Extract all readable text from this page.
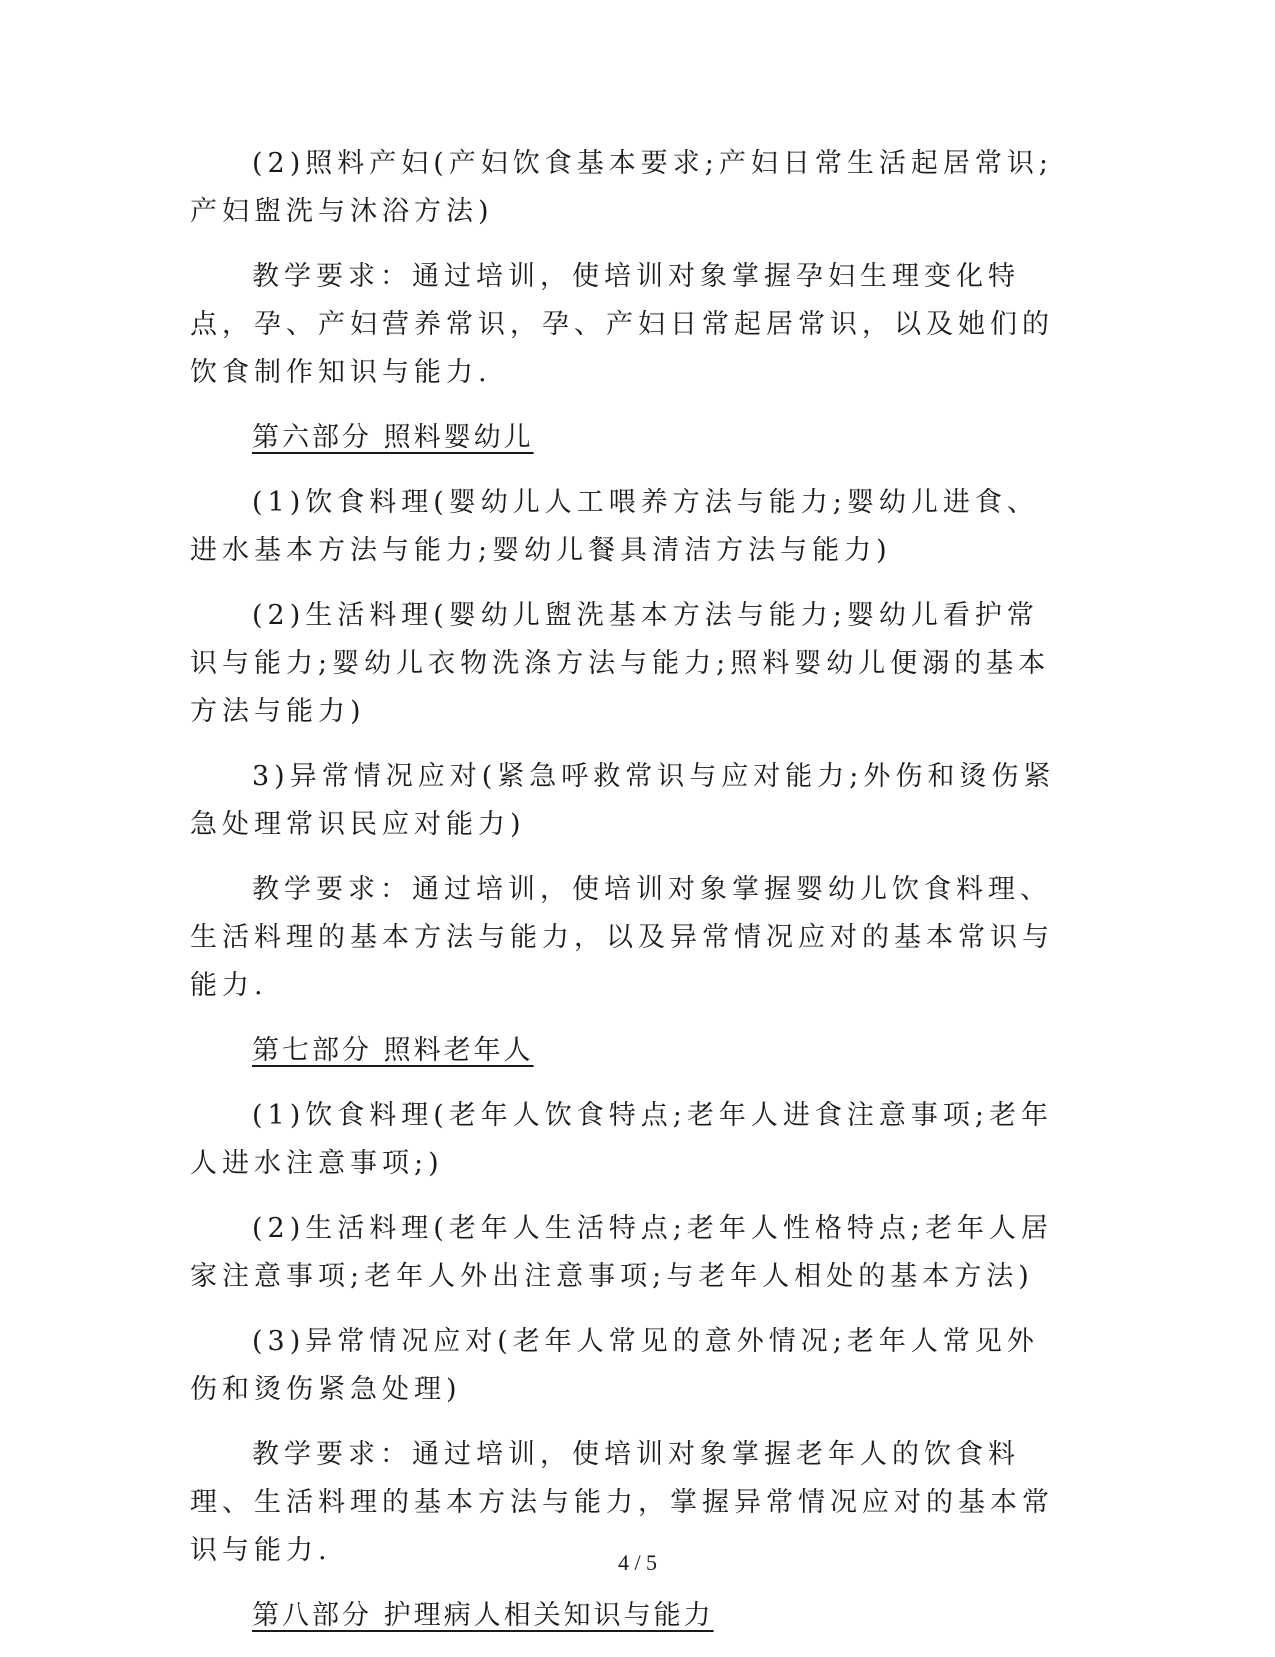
(2)照料产妇(产妇饮食基本要求;产妇日常生活起居常识;产妇盥洗与沐浴方法)

教学要求：通过培训，使培训对象掌握孕妇生理变化特点，孕、产妇营养常识，孕、产妇日常起居常识，以及她们的饮食制作知识与能力.

第六部分 照料婴幼儿

(1)饮食料理(婴幼儿人工喂养方法与能力;婴幼儿进食、进水基本方法与能力;婴幼儿餐具清洁方法与能力)

(2)生活料理(婴幼儿盥洗基本方法与能力;婴幼儿看护常识与能力;婴幼儿衣物洗涤方法与能力;照料婴幼儿便溺的基本方法与能力)

3)异常情况应对(紧急呼救常识与应对能力;外伤和烫伤紧急处理常识民应对能力)

教学要求：通过培训，使培训对象掌握婴幼儿饮食料理、生活料理的基本方法与能力，以及异常情况应对的基本常识与能力.

第七部分 照料老年人

(1)饮食料理(老年人饮食特点;老年人进食注意事项;老年人进水注意事项;)

(2)生活料理(老年人生活特点;老年人性格特点;老年人居家注意事项;老年人外出注意事项;与老年人相处的基本方法)

(3)异常情况应对(老年人常见的意外情况;老年人常见外伤和烫伤紧急处理)

教学要求：通过培训，使培训对象掌握老年人的饮食料理、生活料理的基本方法与能力，掌握异常情况应对的基本常识与能力.

第八部分 护理病人相关知识与能力

4 / 5
